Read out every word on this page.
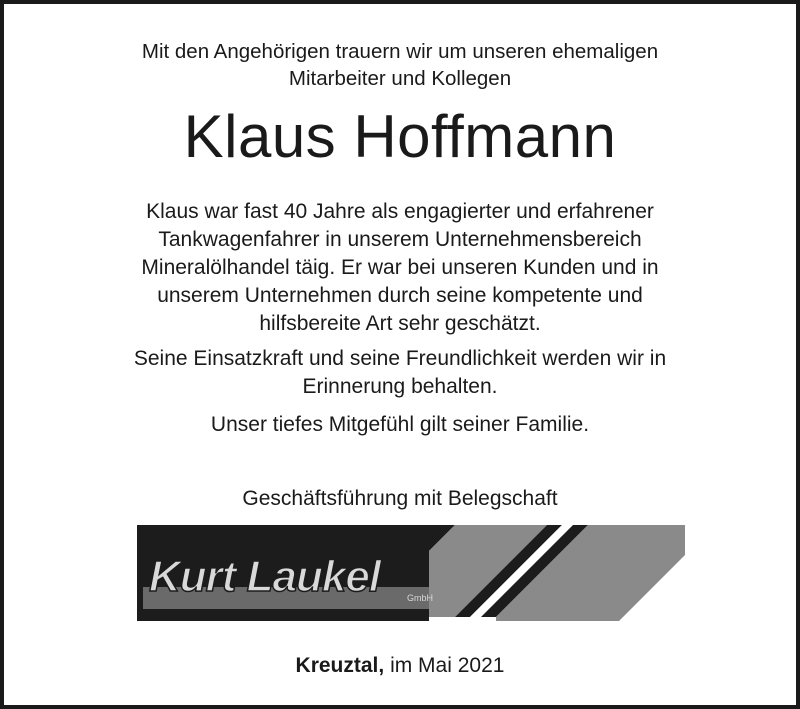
Mit den Angehörigen trauern wir um unseren ehemaligen
Mitarbeiter und Kollegen
Klaus Hoffmann
Klaus war fast 40 Jahre als engagierter und erfahrener
Tankwagenfahrer in unserem Unternehmensbereich
Mineralölhandel täig. Er war bei unseren Kunden und in
unserem Unternehmen durch seine kompetente und
hilfsbereite Art sehr geschätzt.
Seine Einsatzkraft und seine Freundlichkeit werden wir in
Erinnerung behalten.
Unser tiefes Mitgefühl gilt seiner Familie.
Geschäftsführung mit Belegschaft
Kurt Laukel	GmbH
Kreuztal, im Mai 2021
